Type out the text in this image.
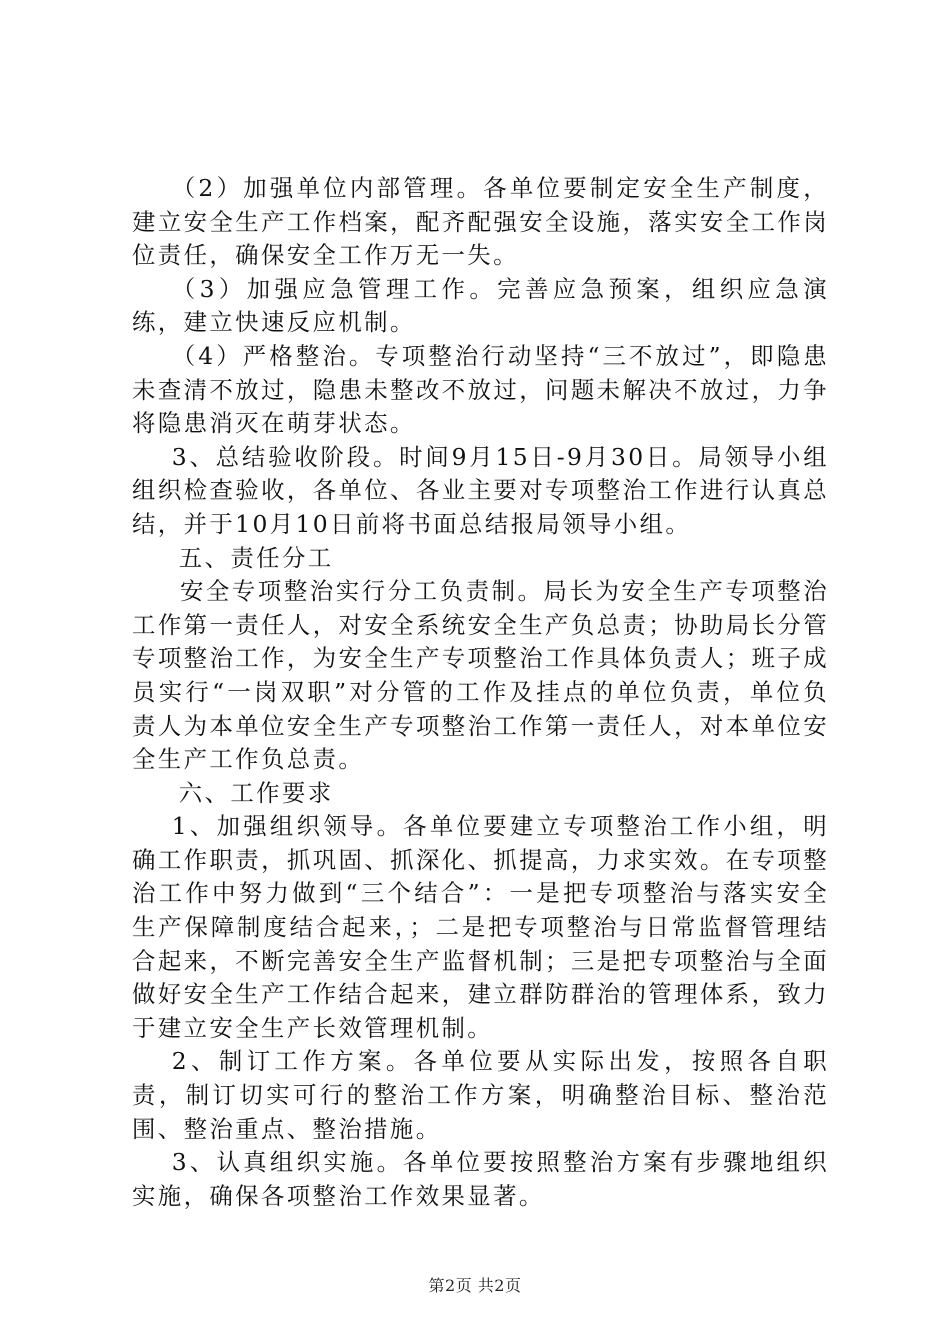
（2）加强单位内部管理。各单位要制定安全生产制度，建立安全生产工作档案，配齐配强安全设施，落实安全工作岗位责任，确保安全工作万无一失。

（3）加强应急管理工作。完善应急预案，组织应急演练，建立快速反应机制。

（4）严格整治。专项整治行动坚持“三不放过”，即隐患未查清不放过，隐患未整改不放过，问题未解决不放过，力争将隐患消灭在萌芽状态。

3、总结验收阶段。时间9月15日-9月30日。局领导小组组织检查验收，各单位、各业主要对专项整治工作进行认真总结，并于10月10日前将书面总结报局领导小组。

五、责任分工

安全专项整治实行分工负责制。局长为安全生产专项整治工作第一责任人，对安全系统安全生产负总责；协助局长分管专项整治工作，为安全生产专项整治工作具体负责人；班子成员实行“一岗双职”对分管的工作及挂点的单位负责，单位负责人为本单位安全生产专项整治工作第一责任人，对本单位安全生产工作负总责。

六、工作要求

1、加强组织领导。各单位要建立专项整治工作小组，明确工作职责，抓巩固、抓深化、抓提高，力求实效。在专项整治工作中努力做到“三个结合”：一是把专项整治与落实安全生产保障制度结合起来，；二是把专项整治与日常监督管理结合起来，不断完善安全生产监督机制；三是把专项整治与全面做好安全生产工作结合起来，建立群防群治的管理体系，致力于建立安全生产长效管理机制。

2、制订工作方案。各单位要从实际出发，按照各自职责，制订切实可行的整治工作方案，明确整治目标、整治范围、整治重点、整治措施。

3、认真组织实施。各单位要按照整治方案有步骤地组织实施，确保各项整治工作效果显著。

第2页 共2页
